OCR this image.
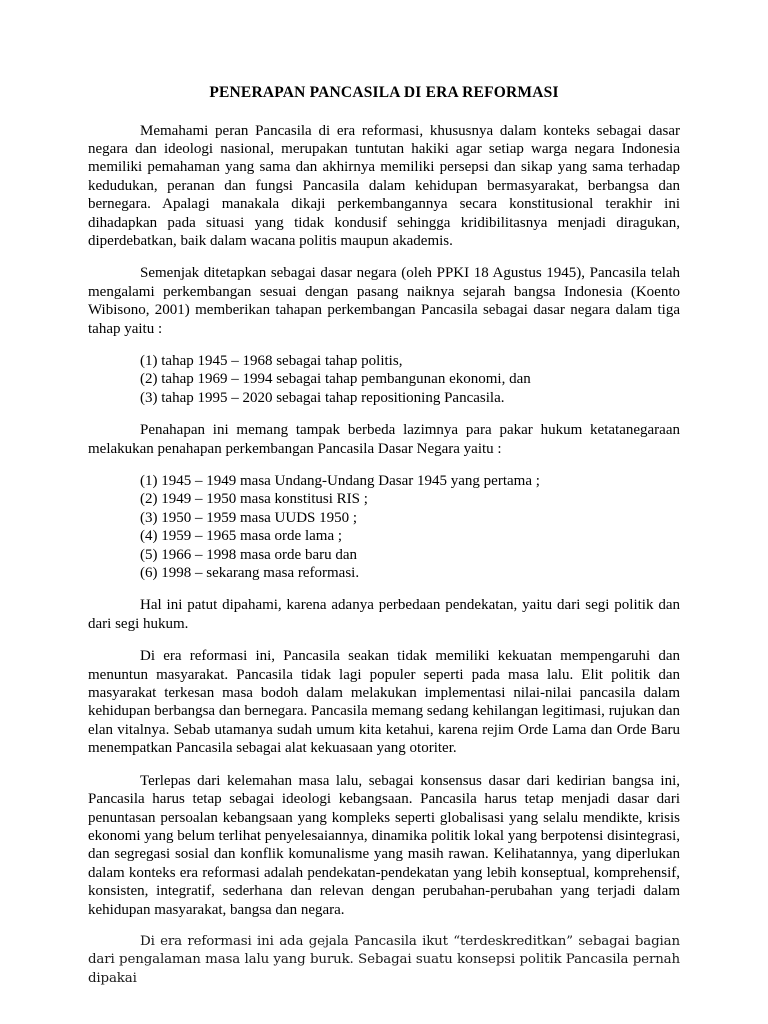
PENERAPAN PANCASILA DI ERA REFORMASI

Memahami peran Pancasila di era reformasi, khususnya dalam konteks sebagai dasar negara dan ideologi nasional, merupakan tuntutan hakiki agar setiap warga negara Indonesia memiliki pemahaman yang sama dan akhirnya memiliki persepsi dan sikap yang sama terhadap kedudukan, peranan dan fungsi Pancasila dalam kehidupan bermasyarakat, berbangsa dan bernegara. Apalagi manakala dikaji perkembangannya secara konstitusional terakhir ini dihadapkan pada situasi yang tidak kondusif sehingga kridibilitasnya menjadi diragukan, diperdebatkan, baik dalam wacana politis maupun akademis.

Semenjak ditetapkan sebagai dasar negara (oleh PPKI 18 Agustus 1945), Pancasila telah mengalami perkembangan sesuai dengan pasang naiknya sejarah bangsa Indonesia (Koento Wibisono, 2001) memberikan tahapan perkembangan Pancasila sebagai dasar negara dalam tiga tahap yaitu :

(1) tahap 1945 – 1968 sebagai tahap politis,
(2) tahap 1969 – 1994 sebagai tahap pembangunan ekonomi, dan
(3) tahap 1995 – 2020 sebagai tahap repositioning Pancasila.

Penahapan ini memang tampak berbeda lazimnya para pakar hukum ketatanegaraan melakukan penahapan perkembangan Pancasila Dasar Negara yaitu :

(1) 1945 – 1949 masa Undang-Undang Dasar 1945 yang pertama ;
(2) 1949 – 1950 masa konstitusi RIS ;
(3) 1950 – 1959 masa UUDS 1950 ;
(4) 1959 – 1965 masa orde lama ;
(5) 1966 – 1998 masa orde baru dan
(6) 1998 – sekarang masa reformasi.

Hal ini patut dipahami, karena adanya perbedaan pendekatan, yaitu dari segi politik dan dari segi hukum.

Di era reformasi ini, Pancasila seakan tidak memiliki kekuatan mempengaruhi dan menuntun masyarakat. Pancasila tidak lagi populer seperti pada masa lalu. Elit politik dan masyarakat terkesan masa bodoh dalam melakukan implementasi nilai-nilai pancasila dalam kehidupan berbangsa dan bernegara. Pancasila memang sedang kehilangan legitimasi, rujukan dan elan vitalnya. Sebab utamanya sudah umum kita ketahui, karena rejim Orde Lama dan Orde Baru menempatkan Pancasila sebagai alat kekuasaan yang otoriter.

Terlepas dari kelemahan masa lalu, sebagai konsensus dasar dari kedirian bangsa ini, Pancasila harus tetap sebagai ideologi kebangsaan. Pancasila harus tetap menjadi dasar dari penuntasan persoalan kebangsaan yang kompleks seperti globalisasi yang selalu mendikte, krisis ekonomi yang belum terlihat penyelesaiannya, dinamika politik lokal yang berpotensi disintegrasi, dan segregasi sosial dan konflik komunalisme yang masih rawan. Kelihatannya, yang diperlukan dalam konteks era reformasi adalah pendekatan-pendekatan yang lebih konseptual, komprehensif, konsisten, integratif, sederhana dan relevan dengan perubahan-perubahan yang terjadi dalam kehidupan masyarakat, bangsa dan negara.

Di era reformasi ini ada gejala Pancasila ikut “terdeskreditkan” sebagai bagian dari pengalaman masa lalu yang buruk. Sebagai suatu konsepsi politik Pancasila pernah dipakai
